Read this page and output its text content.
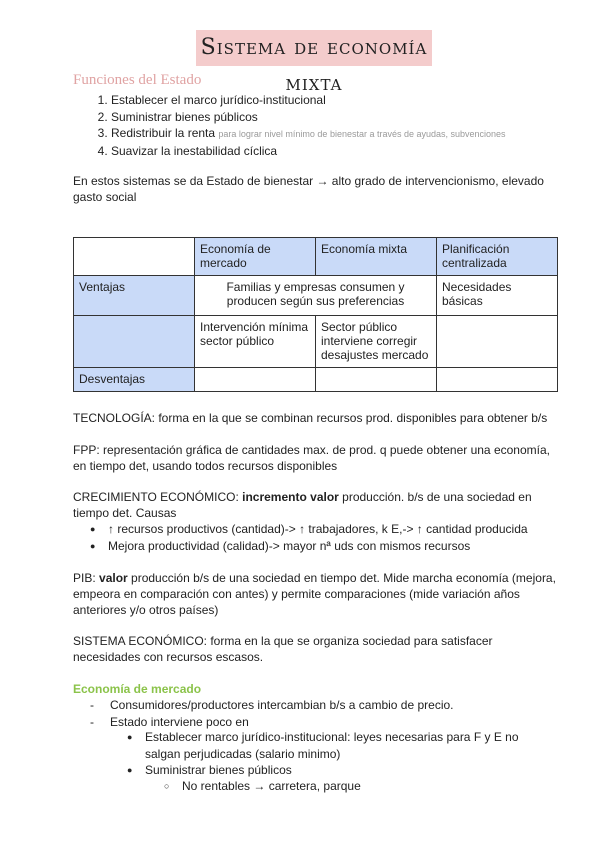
Sistema de economía mixta
Funciones del Estado
1. Establecer el marco jurídico-institucional
2. Suministrar bienes públicos
3. Redistribuir la renta para lograr nivel mínimo de bienestar a través de ayudas, subvenciones
4. Suavizar la inestabilidad cíclica
En estos sistemas se da Estado de bienestar → alto grado de intervencionismo, elevado gasto social
	Economía de mercado	Economía mixta	Planificación centralizada
Ventajas	Familias y empresas consumen y producen según sus preferencias		Necesidades básicas
	Intervención mínima sector público	Sector público interviene corregir desajustes mercado	
Desventajas			
TECNOLOGÍA: forma en la que se combinan recursos prod. disponibles para obtener b/s
FPP: representación gráfica de cantidades max. de prod. q puede obtener una economía, en tiempo det, usando todos recursos disponibles
CRECIMIENTO ECONÓMICO: incremento valor producción. b/s de una sociedad en tiempo det. Causas
● ↑ recursos productivos (cantidad)-> ↑ trabajadores, k E,-> ↑ cantidad producida
● Mejora productividad (calidad)-> mayor nª uds con mismos recursos
PIB: valor producción b/s de una sociedad en tiempo det. Mide marcha economía (mejora, empeora en comparación con antes) y permite comparaciones (mide variación años anteriores y/o otros países)
SISTEMA ECONÓMICO: forma en la que se organiza sociedad para satisfacer necesidades con recursos escasos.
Economía de mercado
- Consumidores/productores intercambian b/s a cambio de precio.
- Estado interviene poco en
● Establecer marco jurídico-institucional: leyes necesarias para F y E no salgan perjudicadas (salario minimo)
● Suministrar bienes públicos
○ No rentables → carretera, parque
